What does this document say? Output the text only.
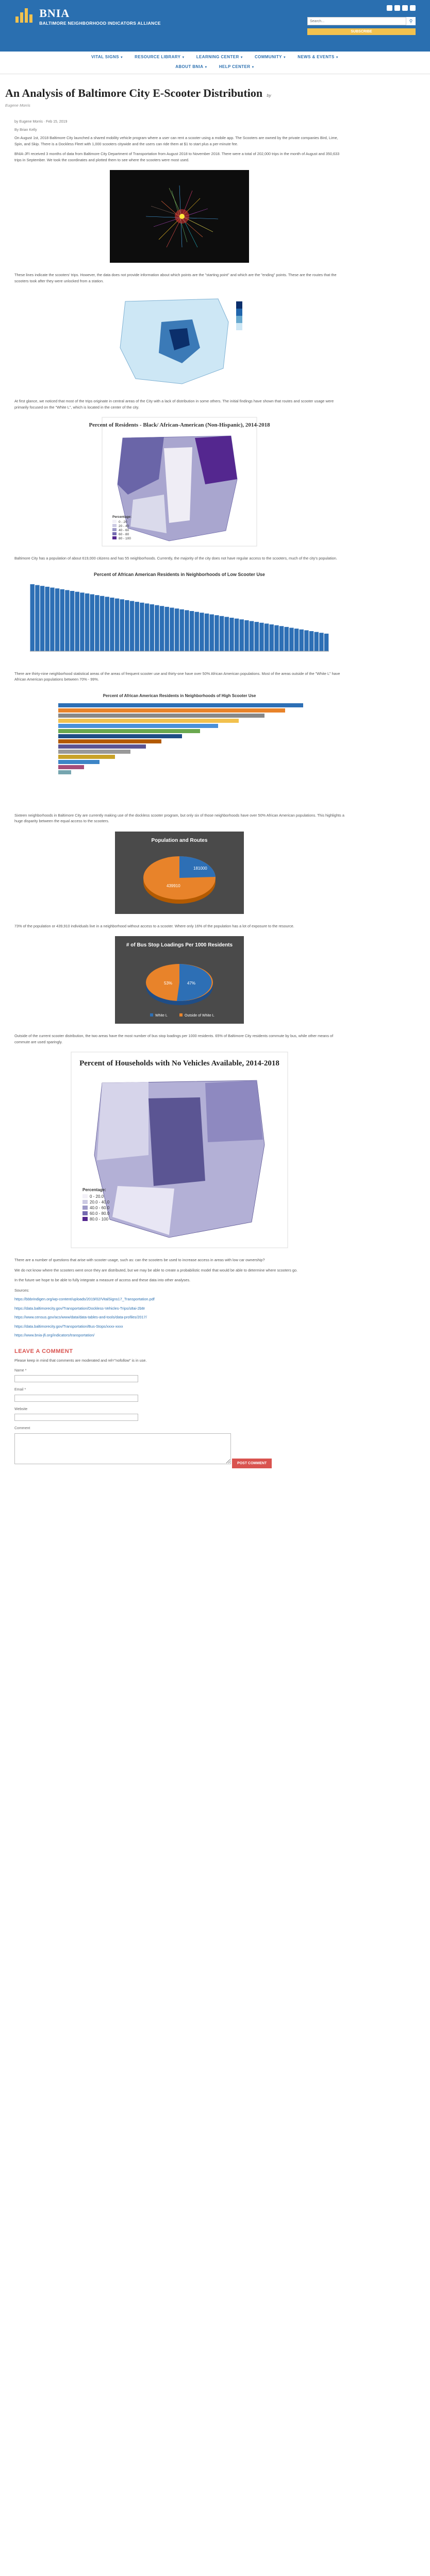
BNIA
BALTIMORE NEIGHBORHOOD INDICATORS ALLIANCE
Search...	⚲
SUBSCRIBE
VITAL SIGNS ▼	RESOURCE LIBRARY ▼	LEARNING CENTER ▼	COMMUNITY ▼	NEWS & EVENTS ▼
ABOUT BNIA ▼	HELP CENTER ▼
An Analysis of Baltimore City E-Scooter Distribution by
Eugene Morris
by Eugene Morris · Feb 15, 2019
By Brian Kelly

On August 1st, 2018 Baltimore City launched a shared mobility vehicle program where a user can rent a scooter using a mobile app. The Scooters are owned by the private companies Bird, Lime, Spin, and Skip. There is a Dockless Fleet with 1,000 scooters citywide and the users can ride them at $1 to start plus a per-minute fee.

BNIA-JFI received 3 months of data from Baltimore City Department of Transportation from August 2018 to November 2018. There were a total of 202,000 trips in the month of August and 350,633 trips in September. We took the coordinates and plotted them to see where the scooters were most used.

These lines indicate the scooters' trips. However, the data does not provide information about which points are the "starting point" and which are the "ending" points. These are the routes that the scooters took after they were unlocked from a station.

At first glance, we noticed that most of the trips originate in central areas of the City with a lack of distribution in some others. The initial findings have shown that routes and scooter usage were primarily focused on the "White L", which is located in the center of the city.

Percent of Residents - Black/ African-American (Non-Hispanic), 2014-2018
Percentage:
0 - 20
20 - 40
40 - 60
60 - 80
80 - 100

Baltimore City has a population of about 619,000 citizens and has 55 neighborhoods. Currently, the majority of the city does not have regular access to the scooters, much of the city's population.

Percent of African American Residents in Neighborhoods of Low Scooter Use

There are thirty-nine neighborhood statistical areas of the areas of frequent scooter use and thirty-one have over 50% African American populations. Most of the areas outside of the "White L" have African American populations between 70% - 99%.

Percent of African American Residents in Neighborhoods of High Scooter Use

Sixteen neighborhoods in Baltimore City are currently making use of the dockless scooter program, but only six of those neighborhoods have over 50% African American populations. This highlights a huge disparity between the equal access to the scooters.

Population and Routes
439910
181000

73% of the population or 439,910 individuals live in a neighborhood without access to a scooter. Where only 16% of the population has a lot of exposure to the resource.

# of Bus Stop Loadings Per 1000 Residents
53%	47%
White L	Outside of White L

Outside of the current scooter distribution, the two areas have the most number of bus stop loadings per 1000 residents. 65% of Baltimore City residents commute by bus, while other means of commute are used sparingly.

Percent of Households with No Vehicles Available, 2014-2018
Percentage:
0 - 20.0
20.0 - 40.0
40.0 - 60.0
60.0 - 80.0
80.0 - 100

There are a number of questions that arise with scooter usage, such as: can the scooters be used to increase access in areas with low car ownership?

We do not know where the scooters went once they are distributed, but we may be able to create a probabilistic model that would be able to determine where scooters go.

In the future we hope to be able to fully integrate a measure of access and these data into other analyses.

Sources:

https://bbbrindigen.org/wp-content/uploads/2019/02/VitalSigns17_Transportation.pdf

https://data.baltimorecity.gov/Transportation/Dockless-Vehicles-Trips/s8ai-2b8r

https://www.census.gov/acs/www/data/data-tables-and-tools/data-profiles/2017/

https://data.baltimorecity.gov/Transportation/Bus-Stops/xxxx-xxxx

https://www.bnia-jfi.org/indicators/transportation/

LEAVE A COMMENT

Please keep in mind that comments are moderated and rel="nofollow" is in use.

Name *
Email *
Website
Comment
POST COMMENT
